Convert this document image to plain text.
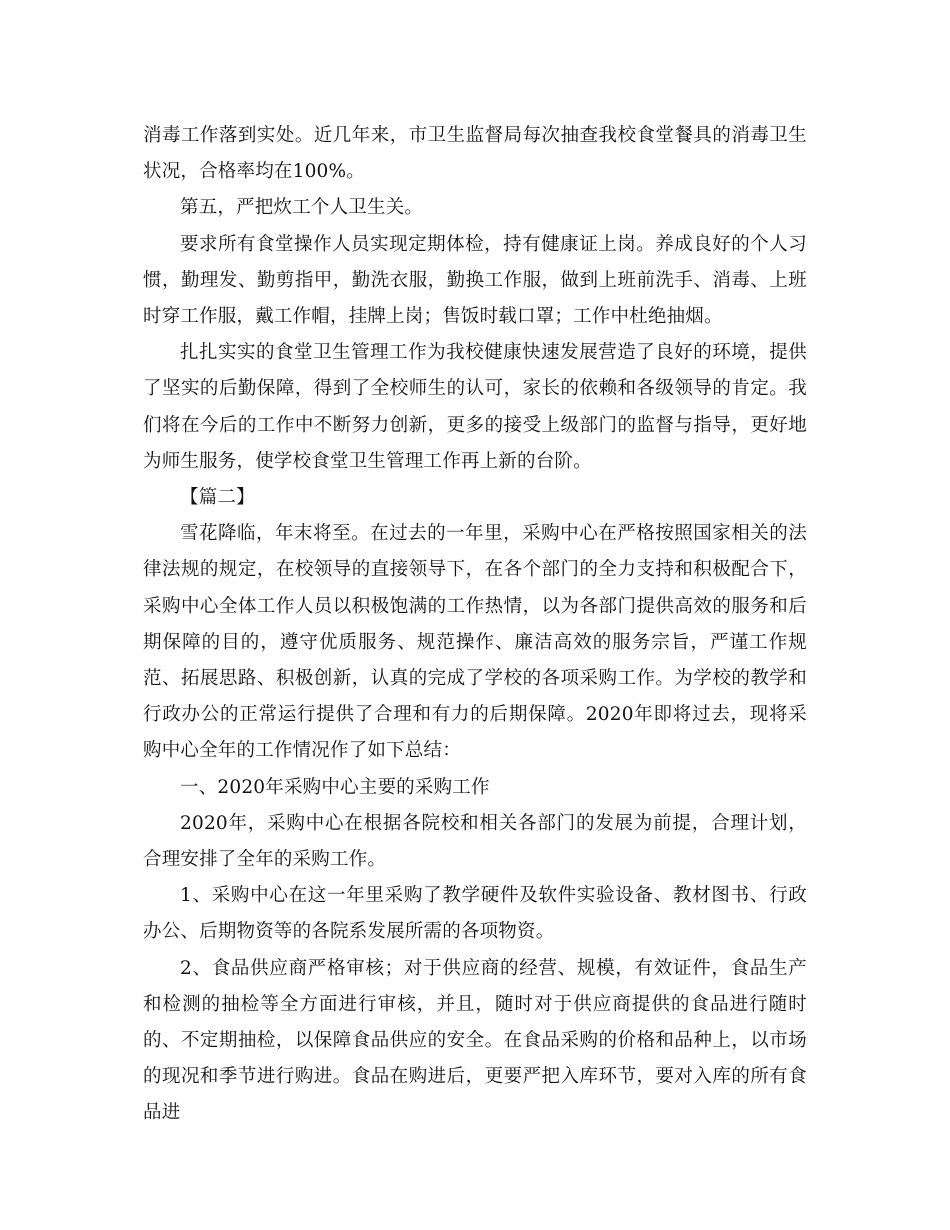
消毒工作落到实处。近几年来，市卫生监督局每次抽查我校食堂餐具的消毒卫生状况，合格率均在100%。

第五，严把炊工个人卫生关。

要求所有食堂操作人员实现定期体检，持有健康证上岗。养成良好的个人习惯，勤理发、勤剪指甲，勤洗衣服，勤换工作服，做到上班前洗手、消毒、上班时穿工作服，戴工作帽，挂牌上岗；售饭时载口罩；工作中杜绝抽烟。

扎扎实实的食堂卫生管理工作为我校健康快速发展营造了良好的环境，提供了坚实的后勤保障，得到了全校师生的认可，家长的依赖和各级领导的肯定。我们将在今后的工作中不断努力创新，更多的接受上级部门的监督与指导，更好地为师生服务，使学校食堂卫生管理工作再上新的台阶。

【篇二】

雪花降临，年末将至。在过去的一年里，采购中心在严格按照国家相关的法律法规的规定，在校领导的直接领导下，在各个部门的全力支持和积极配合下，采购中心全体工作人员以积极饱满的工作热情，以为各部门提供高效的服务和后期保障的目的，遵守优质服务、规范操作、廉洁高效的服务宗旨，严谨工作规范、拓展思路、积极创新，认真的完成了学校的各项采购工作。为学校的教学和行政办公的正常运行提供了合理和有力的后期保障。2020年即将过去，现将采购中心全年的工作情况作了如下总结：

一、2020年采购中心主要的采购工作

2020年，采购中心在根据各院校和相关各部门的发展为前提，合理计划，合理安排了全年的采购工作。

1、采购中心在这一年里采购了教学硬件及软件实验设备、教材图书、行政办公、后期物资等的各院系发展所需的各项物资。

2、食品供应商严格审核；对于供应商的经营、规模，有效证件，食品生产和检测的抽检等全方面进行审核，并且，随时对于供应商提供的食品进行随时的、不定期抽检，以保障食品供应的安全。在食品采购的价格和品种上，以市场的现况和季节进行购进。食品在购进后，更要严把入库环节，要对入库的所有食品进
